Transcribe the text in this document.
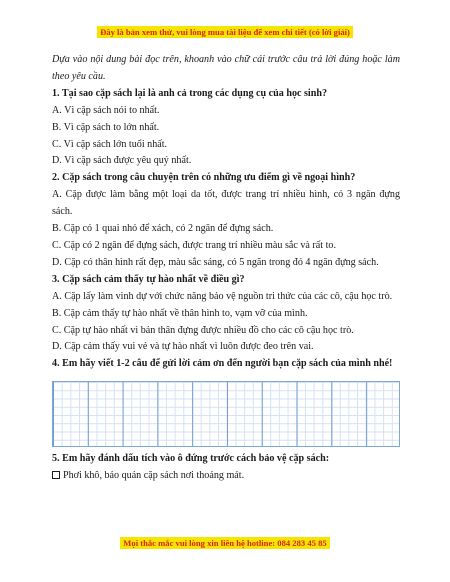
Đây là bản xem thử, vui lòng mua tài liệu để xem chi tiết (có lời giải)

Dựa vào nội dung bài đọc trên, khoanh vào chữ cái trước câu trả lời đúng hoặc làm theo yêu cầu.

1. Tại sao cặp sách lại là anh cả trong các dụng cụ của học sinh?

A. Vì cặp sách nói to nhất.

B. Vì cặp sách to lớn nhất.

C. Vì cặp sách lớn tuổi nhất.

D. Vì cặp sách được yêu quý nhất.

2. Cặp sách trong câu chuyện trên có những ưu điểm gì về ngoại hình?

A. Cặp được làm bằng một loại da tốt, được trang trí nhiều hình, có 3 ngăn đựng sách.

B. Cặp có 1 quai nhỏ để xách, có 2 ngăn để đựng sách.

C. Cặp có 2 ngăn để đựng sách, được trang trí nhiều màu sắc và rất to.

D. Cặp có thân hình rất đẹp, màu sắc sáng, có 5 ngăn trong đó 4 ngăn đựng sách.

3. Cặp sách cảm thấy tự hào nhất về điều gì?

A. Cặp lấy làm vinh dự với chức năng bảo vệ nguồn tri thức của các cô, cậu học trò.

B. Cặp cảm thấy tự hào nhất về thân hình to, vạm vỡ của mình.

C. Cặp tự hào nhất vì bản thân đựng được nhiều đồ cho các cô cậu học trò.

D. Cặp cảm thấy vui vẻ và tự hào nhất vì luôn được đeo trên vai.

4. Em hãy viết 1-2 câu để gửi lời cảm ơn đến người bạn cặp sách của mình nhé!

5. Em hãy đánh dấu tích vào ô đứng trước cách bảo vệ cặp sách:

Phơi khô, bảo quản cặp sách nơi thoáng mát.

Mọi thắc mắc vui lòng xin liên hệ hotline: 084 283 45 85
